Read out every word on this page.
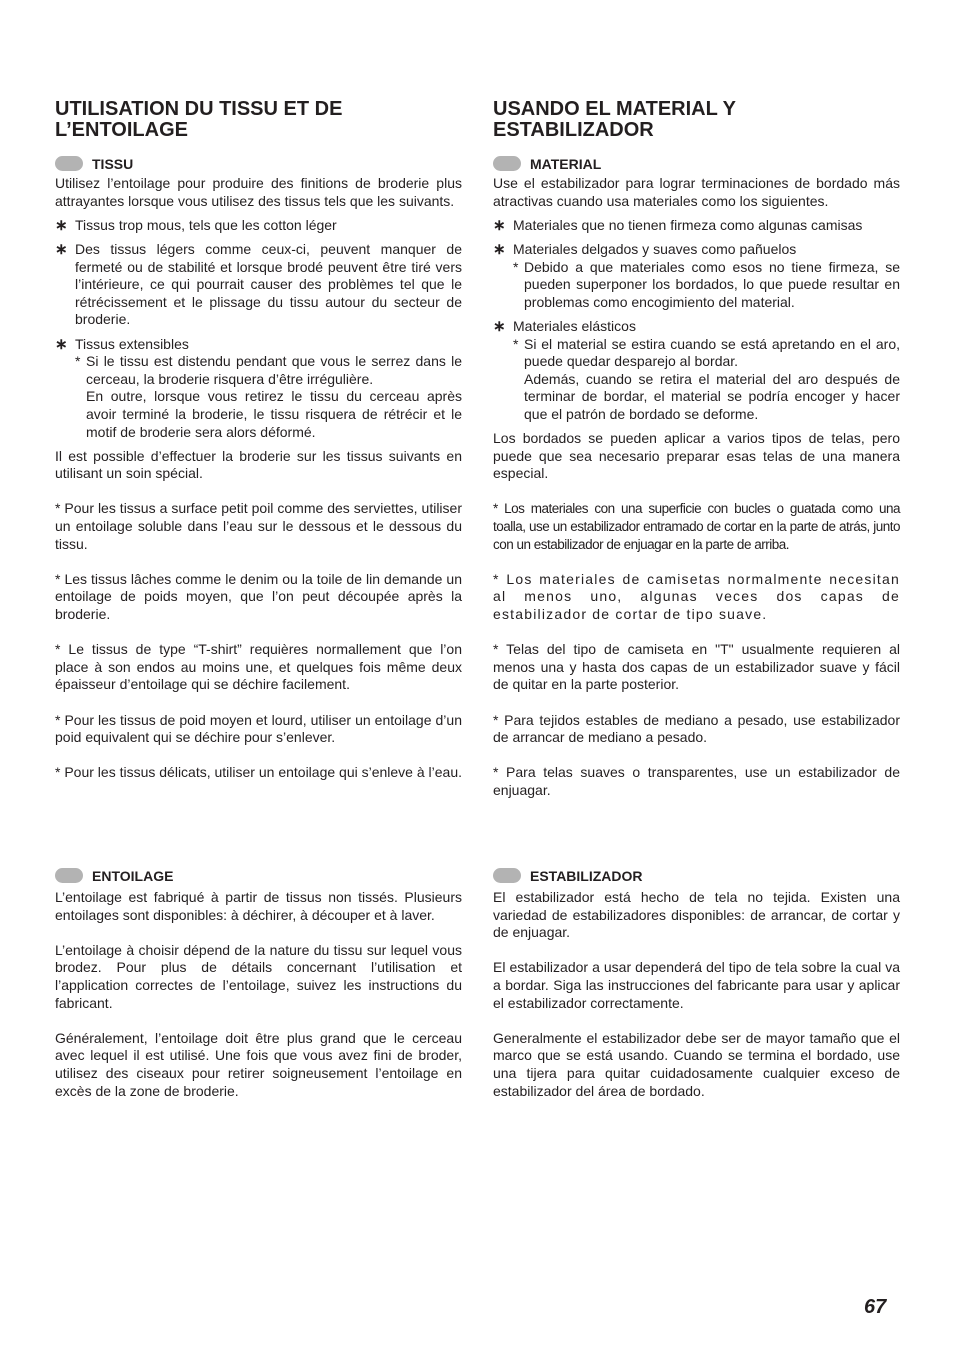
UTILISATION DU TISSU ET DE L’ENTOILAGE
TISSU

Utilisez l’entoilage pour produire des finitions de broderie plus attrayantes lorsque vous utilisez des tissus tels que les suivants.

∗ Tissus trop mous, tels que les cotton léger
∗ Des tissus légers comme ceux-ci, peuvent manquer de fermeté ou de stabilité et lorsque brodé peuvent être tiré vers l’intérieure, ce qui pourrait causer des problèmes tel que le rétrécissement et le plissage du tissu autour du secteur de broderie.
∗ Tissus extensibles
* Si le tissu est distendu pendant que vous le serrez dans le cerceau, la broderie risquera d’être irrégulière.
En outre, lorsque vous retirez le tissu du cerceau après avoir terminé la broderie, le tissu risquera de rétrécir et le motif de broderie sera alors déformé.

Il est possible d’effectuer la broderie sur les tissus suivants en utilisant un soin spécial.

* Pour les tissus a surface petit poil comme des serviettes, utiliser un entoilage soluble dans l’eau sur le dessous et le dessous du tissu.

* Les tissus lâches comme le denim ou la toile de lin demande un entoilage de poids moyen, que l’on peut découpée après la broderie.

* Le tissus de type “T-shirt” requières normallement que l’on place à son endos au moins une, et quelques fois même deux épaisseur d’entoilage qui se déchire facilement.

* Pour les tissus de poid moyen et lourd, utiliser un entoilage d’un poid equivalent qui se déchire pour s’enlever.

* Pour les tissus délicats, utiliser un entoilage qui s’enleve à l’eau.

ENTOILAGE

L’entoilage est fabriqué à partir de tissus non tissés. Plusieurs entoilages sont disponibles: à déchirer, à découper et à laver.

L’entoilage à choisir dépend de la nature du tissu sur lequel vous brodez. Pour plus de détails concernant l’utilisation et l’application correctes de l’entoilage, suivez les instructions du fabricant.

Généralement, l’entoilage doit être plus grand que le cerceau avec lequel il est utilisé. Une fois que vous avez fini de broder, utilisez des ciseaux pour retirer soigneusement l’entoilage en excès de la zone de broderie.

USANDO EL MATERIAL Y ESTABILIZADOR
MATERIAL

Use el estabilizador para lograr terminaciones de bordado más atractivas cuando usa materiales como los siguientes.

∗ Materiales que no tienen firmeza como algunas camisas
∗ Materiales delgados y suaves como pañuelos
* Debido a que materiales como esos no tiene firmeza, se pueden superponer los bordados, lo que puede resultar en problemas como encogimiento del material.
∗ Materiales elásticos
* Si el material se estira cuando se está apretando en el aro, puede quedar desparejo al bordar.
Además, cuando se retira el material del aro después de terminar de bordar, el material se podría encoger y hacer que el patrón de bordado se deforme.

Los bordados se pueden aplicar a varios tipos de telas, pero puede que sea necesario preparar esas telas de una manera especial.

* Los materiales con una superficie con bucles o guatada como una toalla, use un estabilizador entramado de cortar en la parte de atrás, junto con un estabilizador de enjuagar en la parte de arriba.

* Los materiales de camisetas normalmente necesitan al menos uno, algunas veces dos capas de estabilizador de cortar de tipo suave.

* Telas del tipo de camiseta en "T" usualmente requieren al menos una y hasta dos capas de un estabilizador suave y fácil de quitar en la parte posterior.

* Para tejidos estables de mediano a pesado, use estabilizador de arrancar de mediano a pesado.

* Para telas suaves o transparentes, use un estabilizador de enjuagar.

ESTABILIZADOR

El estabilizador está hecho de tela no tejida. Existen una variedad de estabilizadores disponibles: de arrancar, de cortar y de enjuagar.

El estabilizador a usar dependerá del tipo de tela sobre la cual va a bordar. Siga las instrucciones del fabricante para usar y aplicar el estabilizador correctamente.

Generalmente el estabilizador debe ser de mayor tamaño que el marco que se está usando. Cuando se termina el bordado, use una tijera para quitar cuidadosamente cualquier exceso de estabilizador del área de bordado.

67
